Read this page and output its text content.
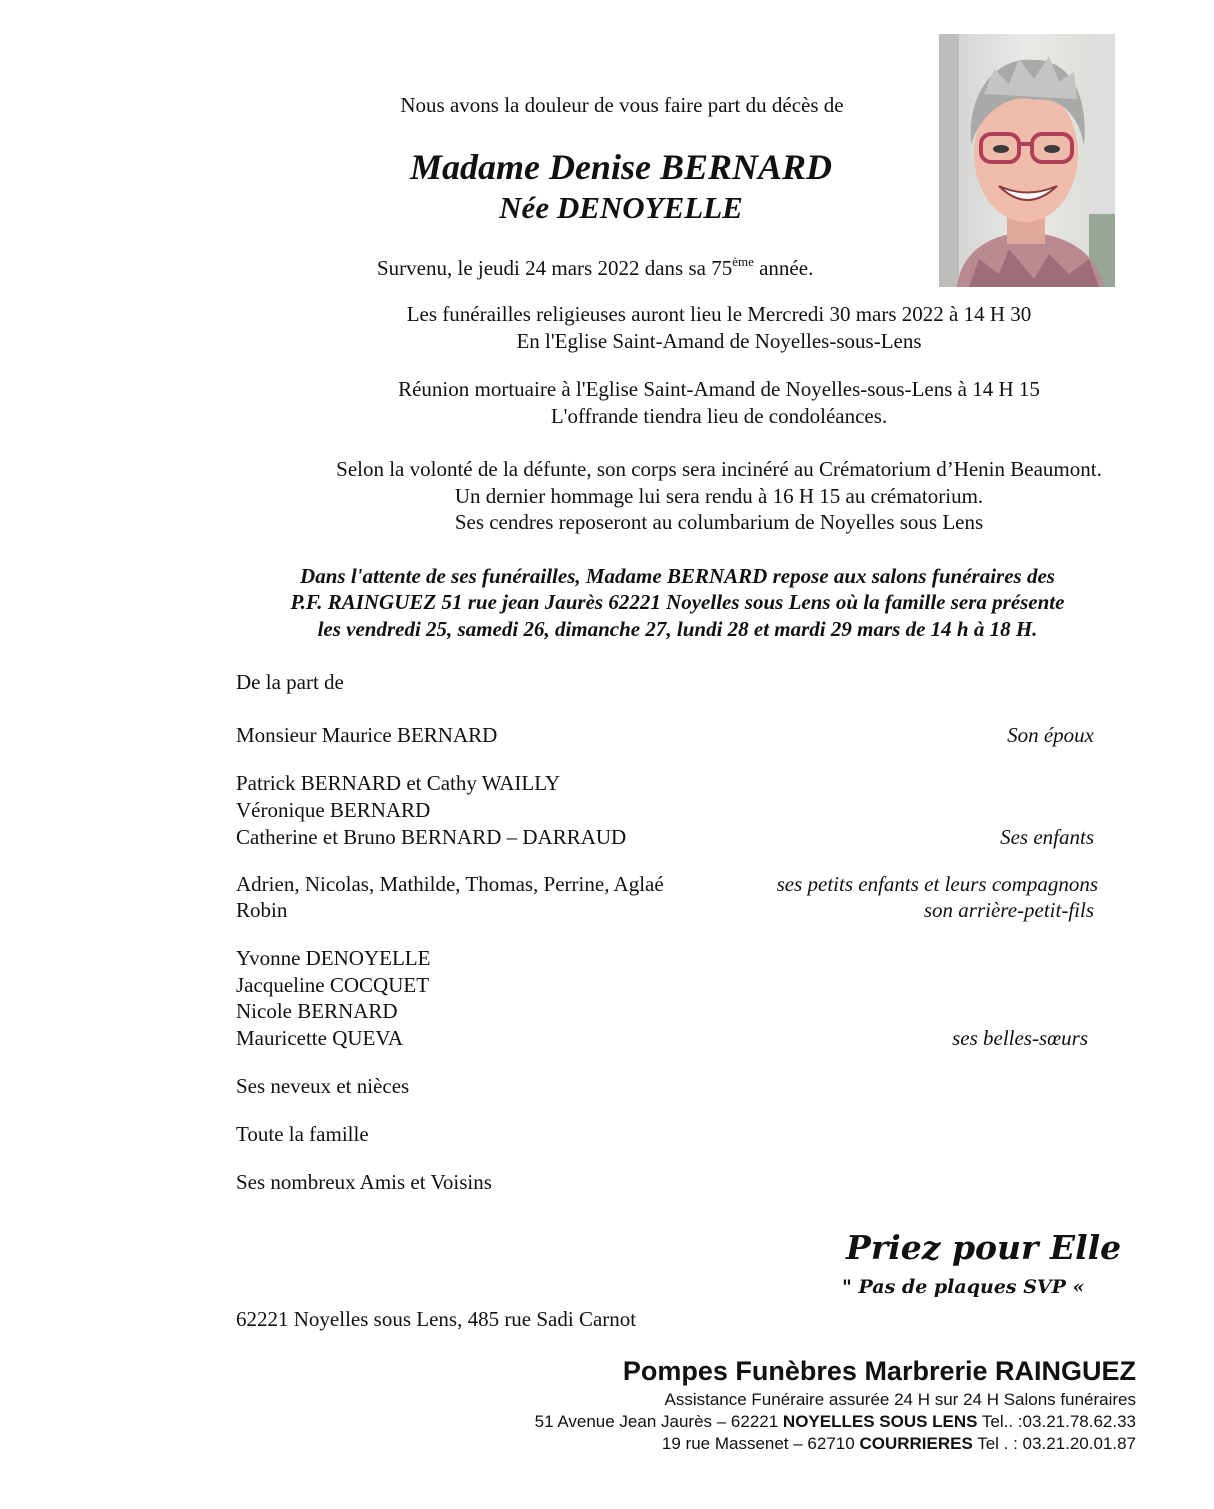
Nous avons la douleur de vous faire part du décès de
Madame Denise BERNARD
Née DENOYELLE
Survenu, le jeudi 24 mars 2022 dans sa 75ème année.
Les funérailles religieuses auront lieu le Mercredi 30 mars 2022 à 14 H 30
En l'Eglise Saint-Amand de Noyelles-sous-Lens
Réunion mortuaire à l'Eglise Saint-Amand de Noyelles-sous-Lens à 14 H 15
L'offrande tiendra lieu de condoléances.
Selon la volonté de la défunte, son corps sera incinéré au Crématorium d’Henin Beaumont.
Un dernier hommage lui sera rendu à 16 H 15 au crématorium.
Ses cendres reposeront au columbarium de Noyelles sous Lens
Dans l'attente de ses funérailles, Madame BERNARD repose aux salons funéraires des
P.F. RAINGUEZ 51 rue jean Jaurès 62221 Noyelles sous Lens où la famille sera présente
les vendredi 25, samedi 26, dimanche 27, lundi 28 et mardi 29 mars de 14 h à 18 H.
De la part de
Monsieur Maurice BERNARD	Son époux
Patrick BERNARD et Cathy WAILLY
Véronique BERNARD
Catherine et Bruno BERNARD – DARRAUD	Ses enfants
Adrien, Nicolas, Mathilde, Thomas, Perrine, Aglaé	ses petits enfants et leurs compagnons
Robin	son arrière-petit-fils
Yvonne DENOYELLE
Jacqueline COCQUET
Nicole BERNARD
Mauricette QUEVA	ses belles-sœurs
Ses neveux et nièces
Toute la famille
Ses nombreux Amis et Voisins
Priez pour Elle
" Pas de plaques SVP «
62221 Noyelles sous Lens, 485 rue Sadi Carnot
Pompes Funèbres Marbrerie RAINGUEZ
Assistance Funéraire assurée 24 H sur 24 H Salons funéraires
51 Avenue Jean Jaurès – 62221 NOYELLES SOUS LENS Tel.. :03.21.78.62.33
19 rue Massenet – 62710 COURRIERES Tel . : 03.21.20.01.87
